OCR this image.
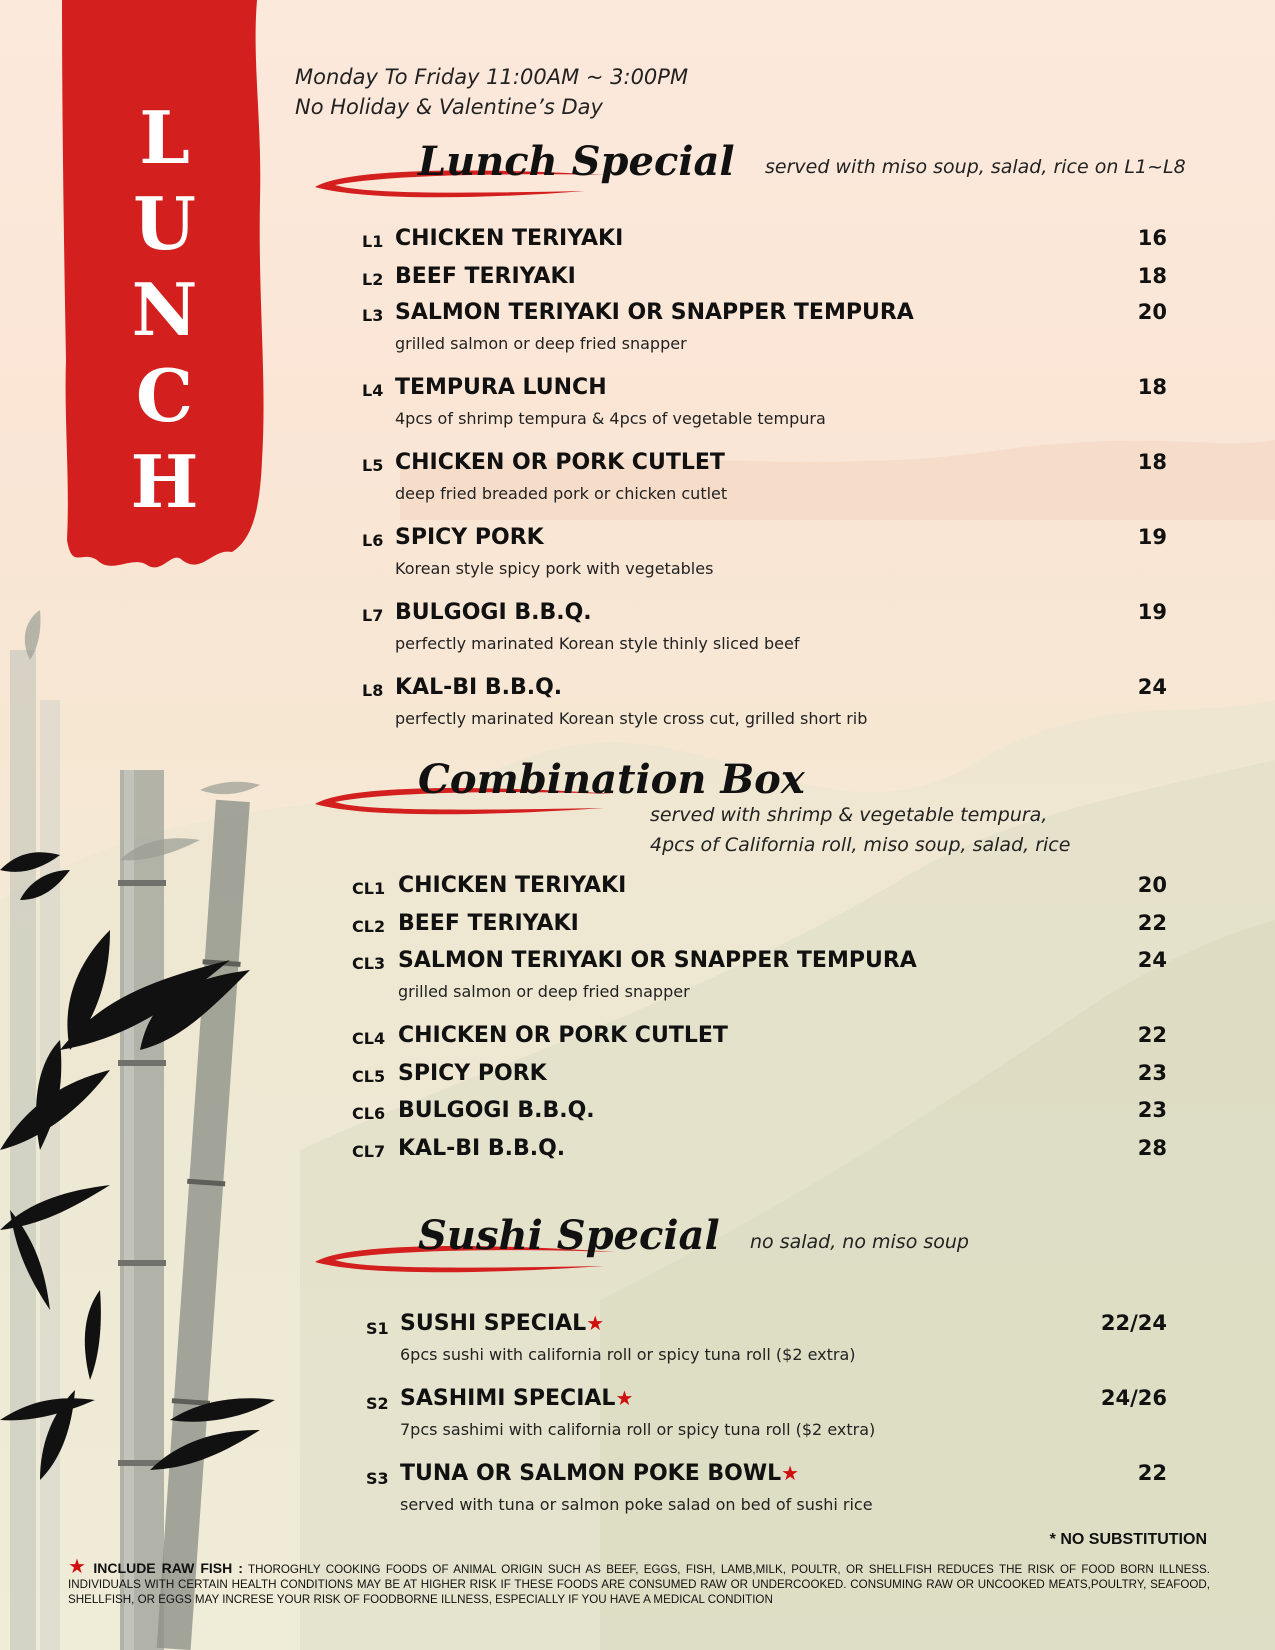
L
U
N
C
H
Monday To Friday 11:00AM ~ 3:00PM
No Holiday & Valentine’s Day
Lunch Special served with miso soup, salad, rice on L1~L8
L1 CHICKEN TERIYAKI	16
L2 BEEF TERIYAKI	18
L3 SALMON TERIYAKI OR SNAPPER TEMPURA	20
grilled salmon or deep fried snapper
L4 TEMPURA LUNCH	18
4pcs of shrimp tempura & 4pcs of vegetable tempura
L5 CHICKEN OR PORK CUTLET	18
deep fried breaded pork or chicken cutlet
L6 SPICY PORK	19
Korean style spicy pork with vegetables
L7 BULGOGI B.B.Q.	19
perfectly marinated Korean style thinly sliced beef
L8 KAL-BI B.B.Q.	24
perfectly marinated Korean style cross cut, grilled short rib
Combination Box
served with shrimp & vegetable tempura,
4pcs of California roll, miso soup, salad, rice
CL1 CHICKEN TERIYAKI	20
CL2 BEEF TERIYAKI	22
CL3 SALMON TERIYAKI OR SNAPPER TEMPURA	24
grilled salmon or deep fried snapper
CL4 CHICKEN OR PORK CUTLET	22
CL5 SPICY PORK	23
CL6 BULGOGI B.B.Q.	23
CL7 KAL-BI B.B.Q.	28
Sushi Special no salad, no miso soup
S1 SUSHI SPECIAL★	22/24
6pcs sushi with california roll or spicy tuna roll ($2 extra)
S2 SASHIMI SPECIAL★	24/26
7pcs sashimi with california roll or spicy tuna roll ($2 extra)
S3 TUNA OR SALMON POKE BOWL★	22
served with tuna or salmon poke salad on bed of sushi rice
* NO SUBSTITUTION
★ INCLUDE RAW FISH : THOROGHLY COOKING FOODS OF ANIMAL ORIGIN SUCH AS BEEF, EGGS, FISH, LAMB,MILK, POULTR, OR SHELLFISH REDUCES THE RISK OF FOOD BORN ILLNESS. INDIVIDUALS WITH CERTAIN HEALTH CONDITIONS MAY BE AT HIGHER RISK IF THESE FOODS ARE CONSUMED RAW OR UNDERCOOKED. CONSUMING RAW OR UNCOOKED MEATS,POULTRY, SEAFOOD, SHELLFISH, OR EGGS MAY INCRESE YOUR RISK OF FOODBORNE ILLNESS, ESPECIALLY IF YOU HAVE A MEDICAL CONDITION
